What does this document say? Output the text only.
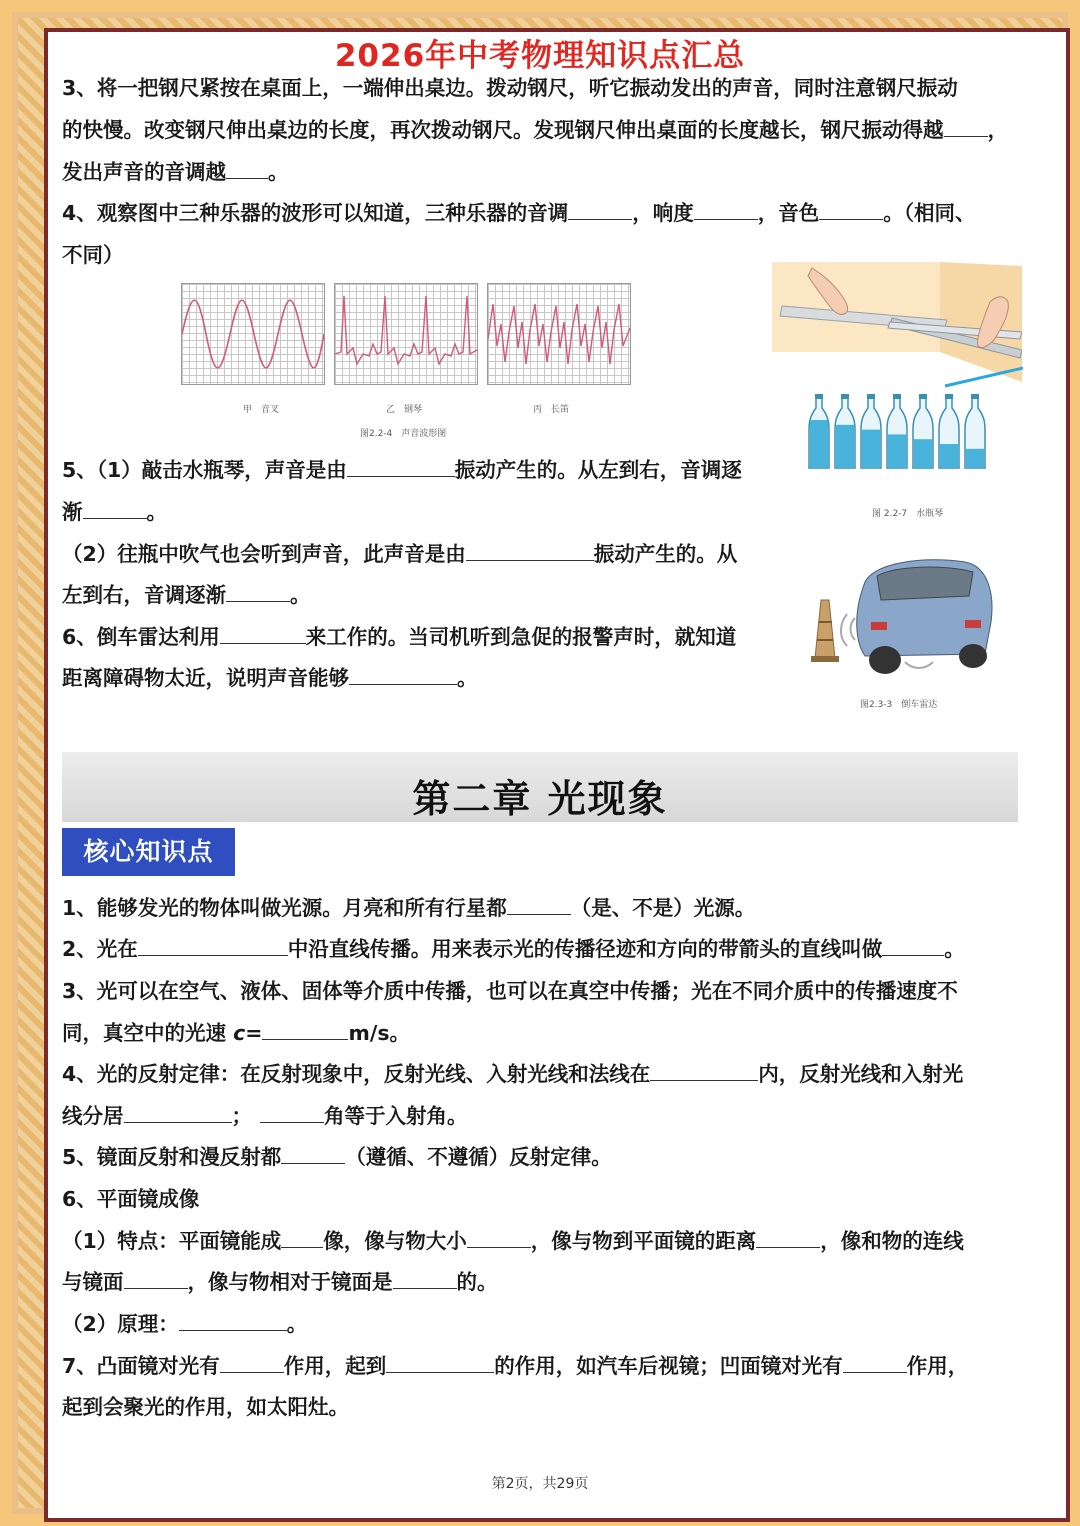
2026年中考物理知识点汇总
3、将一把钢尺紧按在桌面上，一端伸出桌边。拨动钢尺，听它振动发出的声音，同时注意钢尺振动
的快慢。改变钢尺伸出桌边的长度，再次拨动钢尺。发现钢尺伸出桌面的长度越长，钢尺振动得越 ，
发出声音的音调越 。
4、观察图中三种乐器的波形可以知道，三种乐器的音调	，响度	，音色	。（相同、
不同）
甲　音叉	乙　钢琴	丙　长笛
图2.2-4　声音波形图
图 2.2-7　水瓶琴
5、（1）敲击水瓶琴，声音是由	振动产生的。从左到右，音调逐
渐	。
（2）往瓶中吹气也会听到声音，此声音是由	振动产生的。从
左到右，音调逐渐	。
6、倒车雷达利用	来工作的。当司机听到急促的报警声时，就知道
距离障碍物太近，说明声音能够	。
图2.3-3　倒车雷达
第二章 光现象
核心知识点
1、能够发光的物体叫做光源。月亮和所有行星都	（是、不是）光源。
2、光在	中沿直线传播。用来表示光的传播径迹和方向的带箭头的直线叫做	。
3、光可以在空气、液体、固体等介质中传播，也可以在真空中传播；光在不同介质中的传播速度不
同，真空中的光速 c=	m/s。
4、光的反射定律：在反射现象中，反射光线、入射光线和法线在	内，反射光线和入射光
线分居	；	角等于入射角。
5、镜面反射和漫反射都	（遵循、不遵循）反射定律。
6、平面镜成像
（1）特点：平面镜能成 像，像与物大小	，像与物到平面镜的距离	，像和物的连线
与镜面	，像与物相对于镜面是	的。
（2）原理：	。
7、凸面镜对光有	作用，起到	的作用，如汽车后视镜；凹面镜对光有	作用，
起到会聚光的作用，如太阳灶。
第2页，共29页
